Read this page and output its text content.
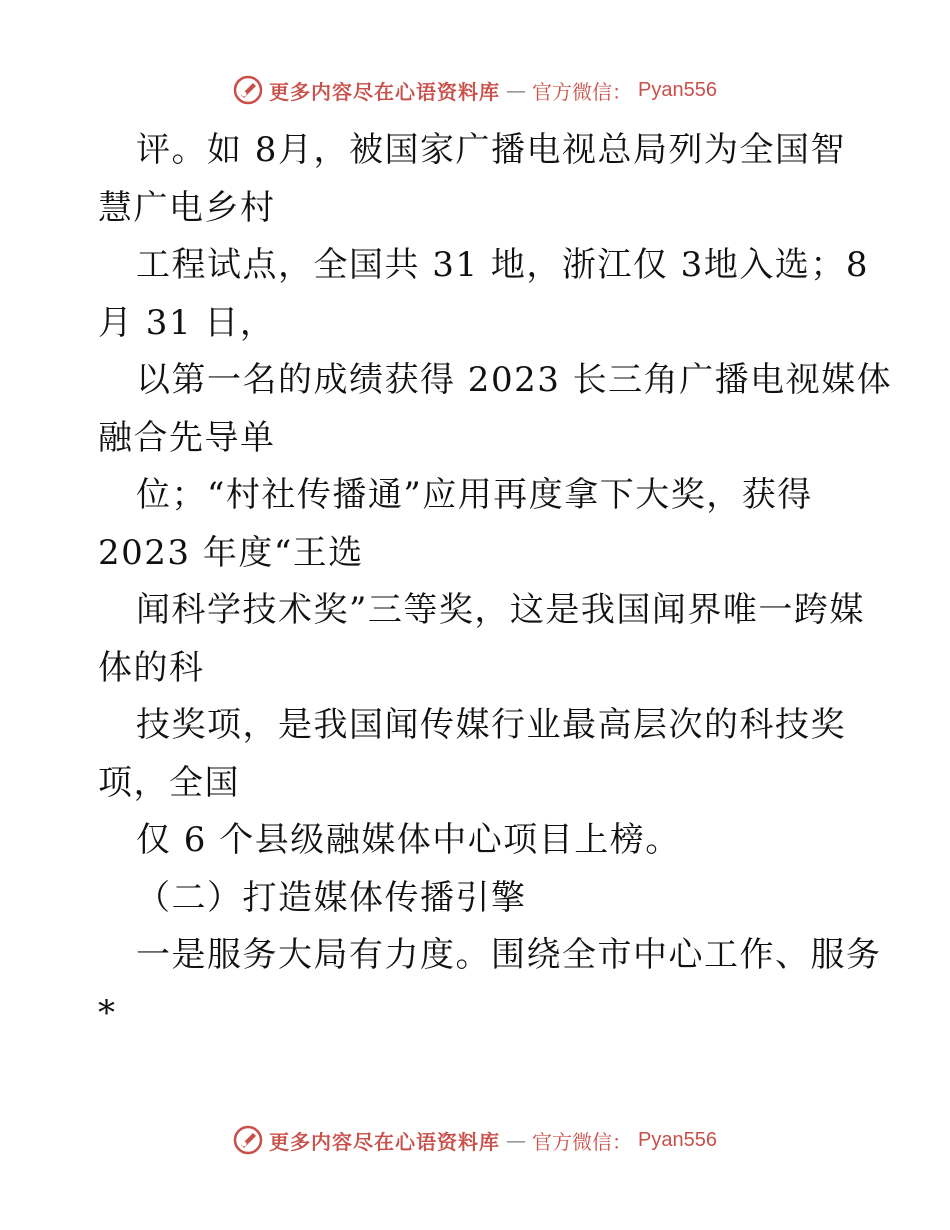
更多内容尽在心语资料库 — 官方微信： Pyan556
评。如 8月，被国家广播电视总局列为全国智
慧广电乡村
工程试点，全国共 31 地，浙江仅 3地入选；8
月 31 日，
以第一名的成绩获得 2023 长三角广播电视媒体
融合先导单
位；“村社传播通”应用再度拿下大奖，获得
2023 年度“王选
闻科学技术奖”三等奖，这是我国闻界唯一跨媒
体的科
技奖项，是我国闻传媒行业最高层次的科技奖
项，全国
仅 6 个县级融媒体中心项目上榜。
（二）打造媒体传播引擎
一是服务大局有力度。围绕全市中心工作、服务
*
更多内容尽在心语资料库 — 官方微信： Pyan556
